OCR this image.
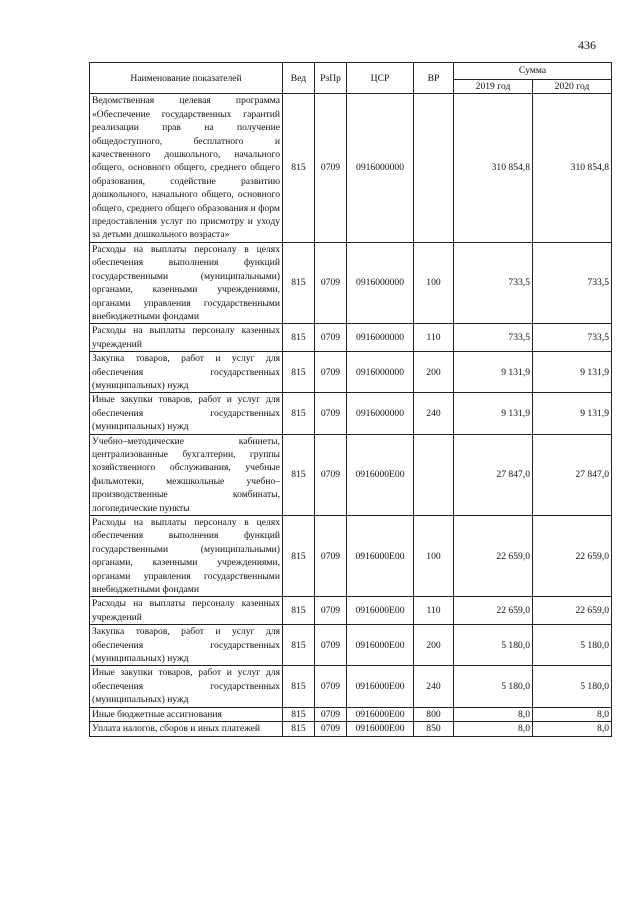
436
Наименование показателей	Вед	РзПр	ЦСР	ВР	Сумма	
					2019 год	2020 год
Ведомственная целевая программа «Обеспечение государственных гарантий реализации прав на получение общедоступного, бесплатного и качественного дошкольного, начального общего, основного общего, среднего общего образования, содействие развитию дошкольного, начального общего, основного общего, среднего общего образования и форм предоставления услуг по присмотру и уходу за детьми дошкольного возраста»	815	0709	0916000000		310 854,8	310 854,8
Расходы на выплаты персоналу в целях обеспечения выполнения функций государственными (муниципальными) органами, казенными учреждениями, органами управления государственными внебюджетными фондами	815	0709	0916000000	100	733,5	733,5
Расходы на выплаты персоналу казенных учреждений	815	0709	0916000000	110	733,5	733,5
Закупка товаров, работ и услуг для обеспечения государственных (муниципальных) нужд	815	0709	0916000000	200	9 131,9	9 131,9
Иные закупки товаров, работ и услуг для обеспечения государственных (муниципальных) нужд	815	0709	0916000000	240	9 131,9	9 131,9
Учебно–методические кабинеты, централизованные бухгалтерии, группы хозяйственного обслуживания, учебные фильмотеки, межшкольные учебно–производственные комбинаты, логопедические пункты	815	0709	0916000Е00		27 847,0	27 847,0
Расходы на выплаты персоналу в целях обеспечения выполнения функций государственными (муниципальными) органами, казенными учреждениями, органами управления государственными внебюджетными фондами	815	0709	0916000Е00	100	22 659,0	22 659,0
Расходы на выплаты персоналу казенных учреждений	815	0709	0916000Е00	110	22 659,0	22 659,0
Закупка товаров, работ и услуг для обеспечения государственных (муниципальных) нужд	815	0709	0916000Е00	200	5 180,0	5 180,0
Иные закупки товаров, работ и услуг для обеспечения государственных (муниципальных) нужд	815	0709	0916000Е00	240	5 180,0	5 180,0
Иные бюджетные ассигнования	815	0709	0916000Е00	800	8,0	8,0
Уплата налогов, сборов и иных платежей	815	0709	0916000Е00	850	8,0	8,0
